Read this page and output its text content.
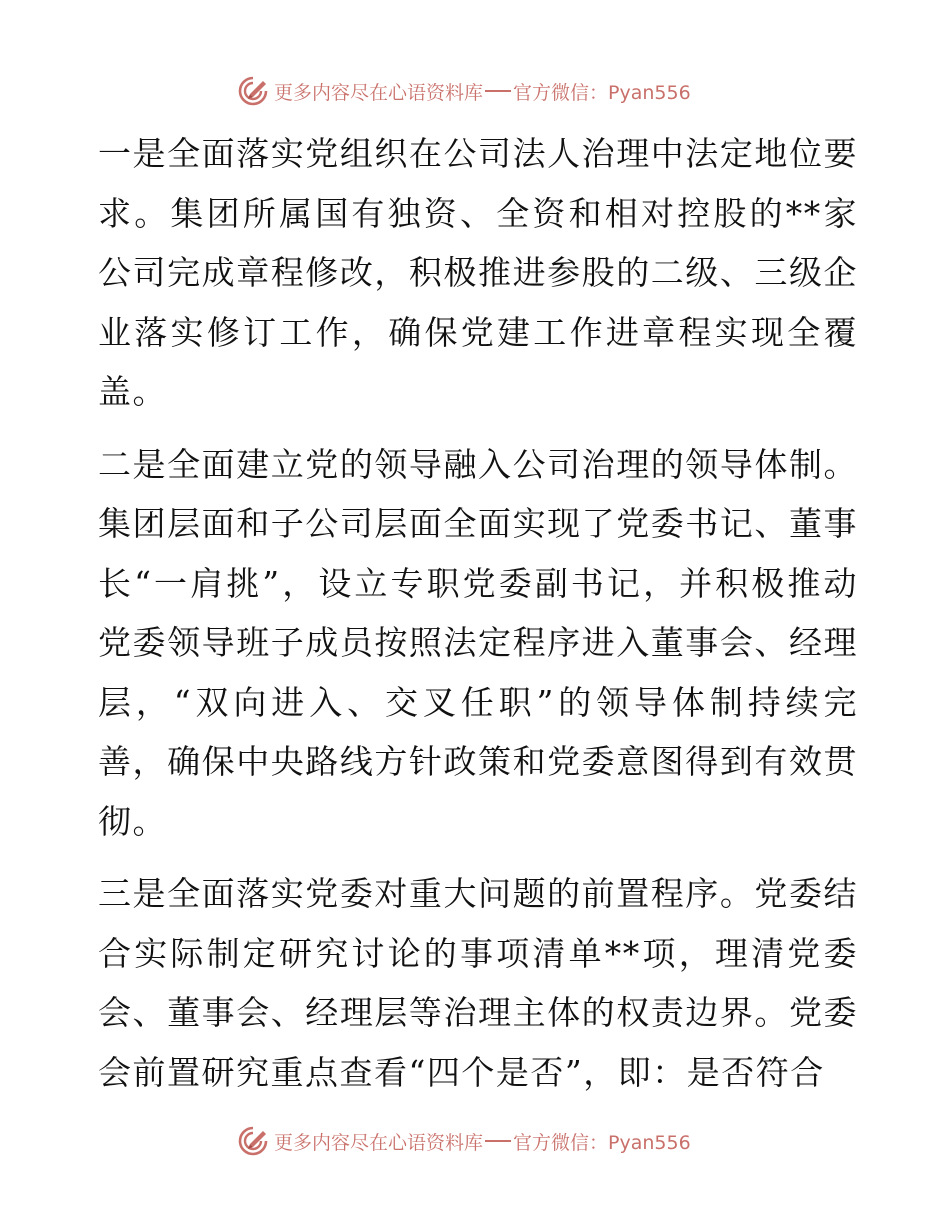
更多内容尽在心语资料库 官方微信：Pyan556

一是全面落实党组织在公司法人治理中法定地位要求。集团所属国有独资、全资和相对控股的**家公司完成章程修改，积极推进参股的二级、三级企业落实修订工作，确保党建工作进章程实现全覆盖。

二是全面建立党的领导融入公司治理的领导体制。集团层面和子公司层面全面实现了党委书记、董事长“一肩挑”，设立专职党委副书记，并积极推动党委领导班子成员按照法定程序进入董事会、经理层，“双向进入、交叉任职”的领导体制持续完善，确保中央路线方针政策和党委意图得到有效贯彻。

三是全面落实党委对重大问题的前置程序。党委结合实际制定研究讨论的事项清单**项，理清党委会、董事会、经理层等治理主体的权责边界。党委会前置研究重点查看“四个是否”，即：是否符合

更多内容尽在心语资料库 官方微信：Pyan556
